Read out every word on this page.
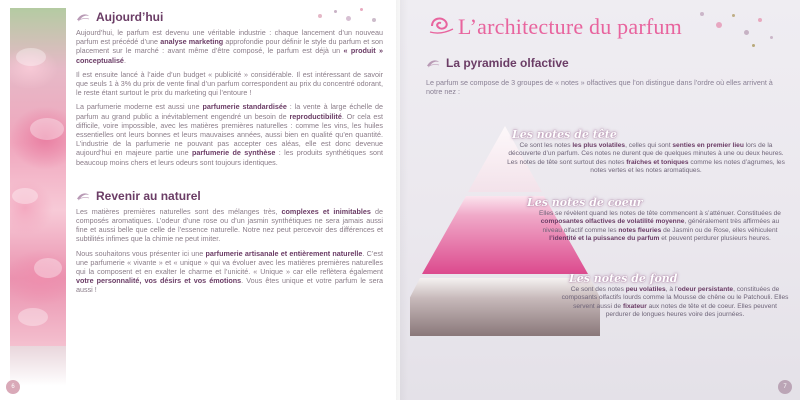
Aujourd’hui

Aujourd’hui, le parfum est devenu une véritable industrie : chaque lancement d’un nouveau parfum est précédé d’une analyse marketing approfondie pour définir le style du parfum et son placement sur le marché : avant même d’être composé, le parfum est déjà un « produit » conceptualisé.

Il est ensuite lancé à l’aide d’un budget « publicité » considérable. Il est intéressant de savoir que seuls 1 à 3% du prix de vente final d’un parfum correspondent au prix du concentré odorant, le reste étant surtout le prix du marketing qui l’entoure !

La parfumerie moderne est aussi une parfumerie standardisée : la vente à large échelle de parfum au grand public a inévitablement engendré un besoin de reproductibilité. Or cela est difficile, voire impossible, avec les matières premières naturelles : comme les vins, les huiles essentielles ont leurs bonnes et leurs mauvaises années, aussi bien en qualité qu’en quantité. L’industrie de la parfumerie ne pouvant pas accepter ces aléas, elle est donc devenue aujourd’hui en majeure partie une parfumerie de synthèse : les produits synthétiques sont beaucoup moins chers et leurs odeurs sont toujours identiques.

Revenir au naturel

Les matières premières naturelles sont des mélanges très, complexes et inimitables de composés aromatiques. L’odeur d’une rose ou d’un jasmin synthétiques ne sera jamais aussi fine et aussi belle que celle de l’essence naturelle. Notre nez peut percevoir des différences et subtilités infimes que la chimie ne peut imiter.

Nous souhaitons vous présenter ici une parfumerie artisanale et entièrement naturelle. C’est une parfumerie « vivante » et « unique » qui va évoluer avec les matières premières naturelles qui la composent et en exalter le charme et l’unicité. « Unique » car elle reflètera également votre personnalité, vos désirs et vos émotions. Vous êtes unique et votre parfum le sera aussi !

6
L’architecture du parfum
La pyramide olfactive
Le parfum se compose de 3 groupes de « notes » olfactives que l’on distingue dans l’ordre où elles arrivent à notre nez :
Les notes de tête
Ce sont les notes les plus volatiles, celles qui sont senties en premier lieu lors de la découverte d’un parfum. Ces notes ne durent que de quelques minutes à une ou deux heures. Les notes de tête sont surtout des notes fraîches et toniques comme les notes d’agrumes, les notes vertes et les notes aromatiques.
Les notes de coeur
Elles se révèlent quand les notes de tête commencent à s’atténuer. Constituées de composantes olfactives de volatilité moyenne, généralement très affirmées au niveau olfactif comme les notes fleuries de Jasmin ou de Rose, elles véhiculent l’identité et la puissance du parfum et peuvent perdurer plusieurs heures.
Les notes de fond
Ce sont des notes peu volatiles, à l’odeur persistante, constituées de composants olfactifs lourds comme la Mousse de chêne ou le Patchouli. Elles servent aussi de fixateur aux notes de tête et de coeur. Elles peuvent perdurer de longues heures voire des journées.
7
